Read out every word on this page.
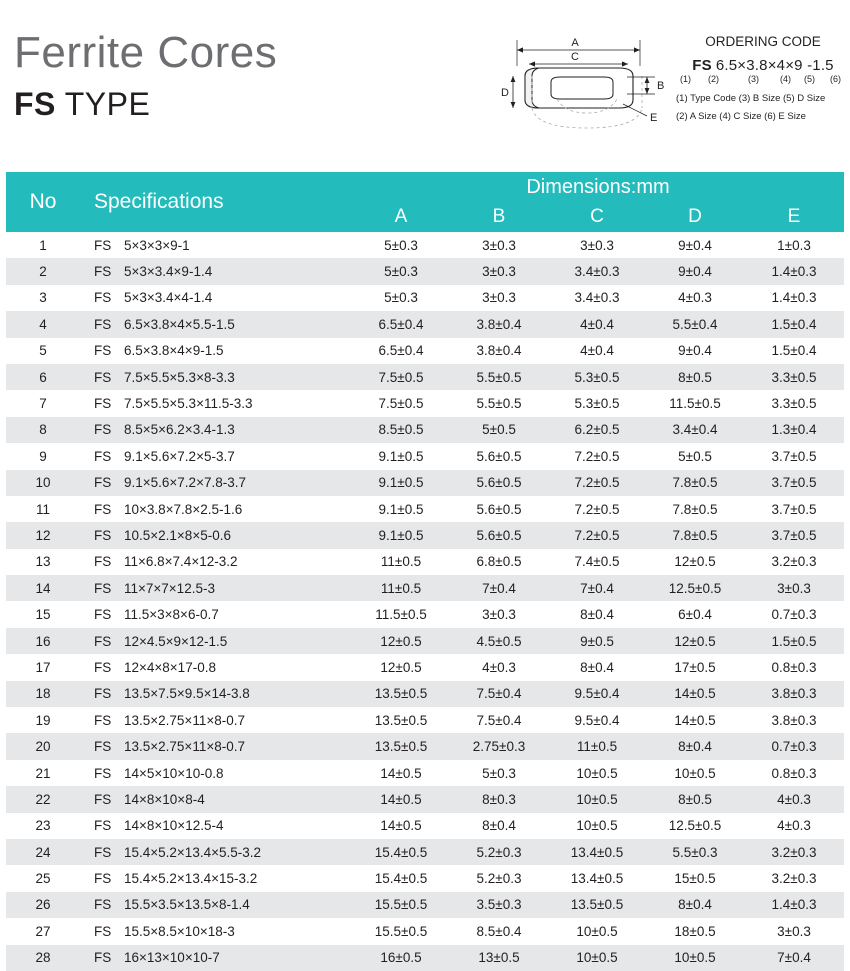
Ferrite Cores
FS TYPE
A
C
B
D
E
ORDERING CODE
FS 6.5×3.8×4×9 -1.5
(1) (2)	(3) (4) (5) (6)
(1) Type Code (3) B Size (5) D Size
(2) A Size (4) C Size (6) E Size
No	Specifications	Dimensions:mm				
		A	B	C	D	E
1	FS 5×3×3×9-1	5±0.3	3±0.3	3±0.3	9±0.4	1±0.3
2	FS 5×3×3.4×9-1.4	5±0.3	3±0.3	3.4±0.3	9±0.4	1.4±0.3
3	FS 5×3×3.4×4-1.4	5±0.3	3±0.3	3.4±0.3	4±0.3	1.4±0.3
4	FS 6.5×3.8×4×5.5-1.5	6.5±0.4	3.8±0.4	4±0.4	5.5±0.4	1.5±0.4
5	FS 6.5×3.8×4×9-1.5	6.5±0.4	3.8±0.4	4±0.4	9±0.4	1.5±0.4
6	FS 7.5×5.5×5.3×8-3.3	7.5±0.5	5.5±0.5	5.3±0.5	8±0.5	3.3±0.5
7	FS 7.5×5.5×5.3×11.5-3.3	7.5±0.5	5.5±0.5	5.3±0.5	11.5±0.5	3.3±0.5
8	FS 8.5×5×6.2×3.4-1.3	8.5±0.5	5±0.5	6.2±0.5	3.4±0.4	1.3±0.4
9	FS 9.1×5.6×7.2×5-3.7	9.1±0.5	5.6±0.5	7.2±0.5	5±0.5	3.7±0.5
10	FS 9.1×5.6×7.2×7.8-3.7	9.1±0.5	5.6±0.5	7.2±0.5	7.8±0.5	3.7±0.5
11	FS 10×3.8×7.8×2.5-1.6	9.1±0.5	5.6±0.5	7.2±0.5	7.8±0.5	3.7±0.5
12	FS 10.5×2.1×8×5-0.6	9.1±0.5	5.6±0.5	7.2±0.5	7.8±0.5	3.7±0.5
13	FS 11×6.8×7.4×12-3.2	11±0.5	6.8±0.5	7.4±0.5	12±0.5	3.2±0.3
14	FS 11×7×7×12.5-3	11±0.5	7±0.4	7±0.4	12.5±0.5	3±0.3
15	FS 11.5×3×8×6-0.7	11.5±0.5	3±0.3	8±0.4	6±0.4	0.7±0.3
16	FS 12×4.5×9×12-1.5	12±0.5	4.5±0.5	9±0.5	12±0.5	1.5±0.5
17	FS 12×4×8×17-0.8	12±0.5	4±0.3	8±0.4	17±0.5	0.8±0.3
18	FS 13.5×7.5×9.5×14-3.8	13.5±0.5	7.5±0.4	9.5±0.4	14±0.5	3.8±0.3
19	FS 13.5×2.75×11×8-0.7	13.5±0.5	7.5±0.4	9.5±0.4	14±0.5	3.8±0.3
20	FS 13.5×2.75×11×8-0.7	13.5±0.5	2.75±0.3	11±0.5	8±0.4	0.7±0.3
21	FS 14×5×10×10-0.8	14±0.5	5±0.3	10±0.5	10±0.5	0.8±0.3
22	FS 14×8×10×8-4	14±0.5	8±0.3	10±0.5	8±0.5	4±0.3
23	FS 14×8×10×12.5-4	14±0.5	8±0.4	10±0.5	12.5±0.5	4±0.3
24	FS 15.4×5.2×13.4×5.5-3.2	15.4±0.5	5.2±0.3	13.4±0.5	5.5±0.3	3.2±0.3
25	FS 15.4×5.2×13.4×15-3.2	15.4±0.5	5.2±0.3	13.4±0.5	15±0.5	3.2±0.3
26	FS 15.5×3.5×13.5×8-1.4	15.5±0.5	3.5±0.3	13.5±0.5	8±0.4	1.4±0.3
27	FS 15.5×8.5×10×18-3	15.5±0.5	8.5±0.4	10±0.5	18±0.5	3±0.3
28	FS 16×13×10×10-7	16±0.5	13±0.5	10±0.5	10±0.5	7±0.4
